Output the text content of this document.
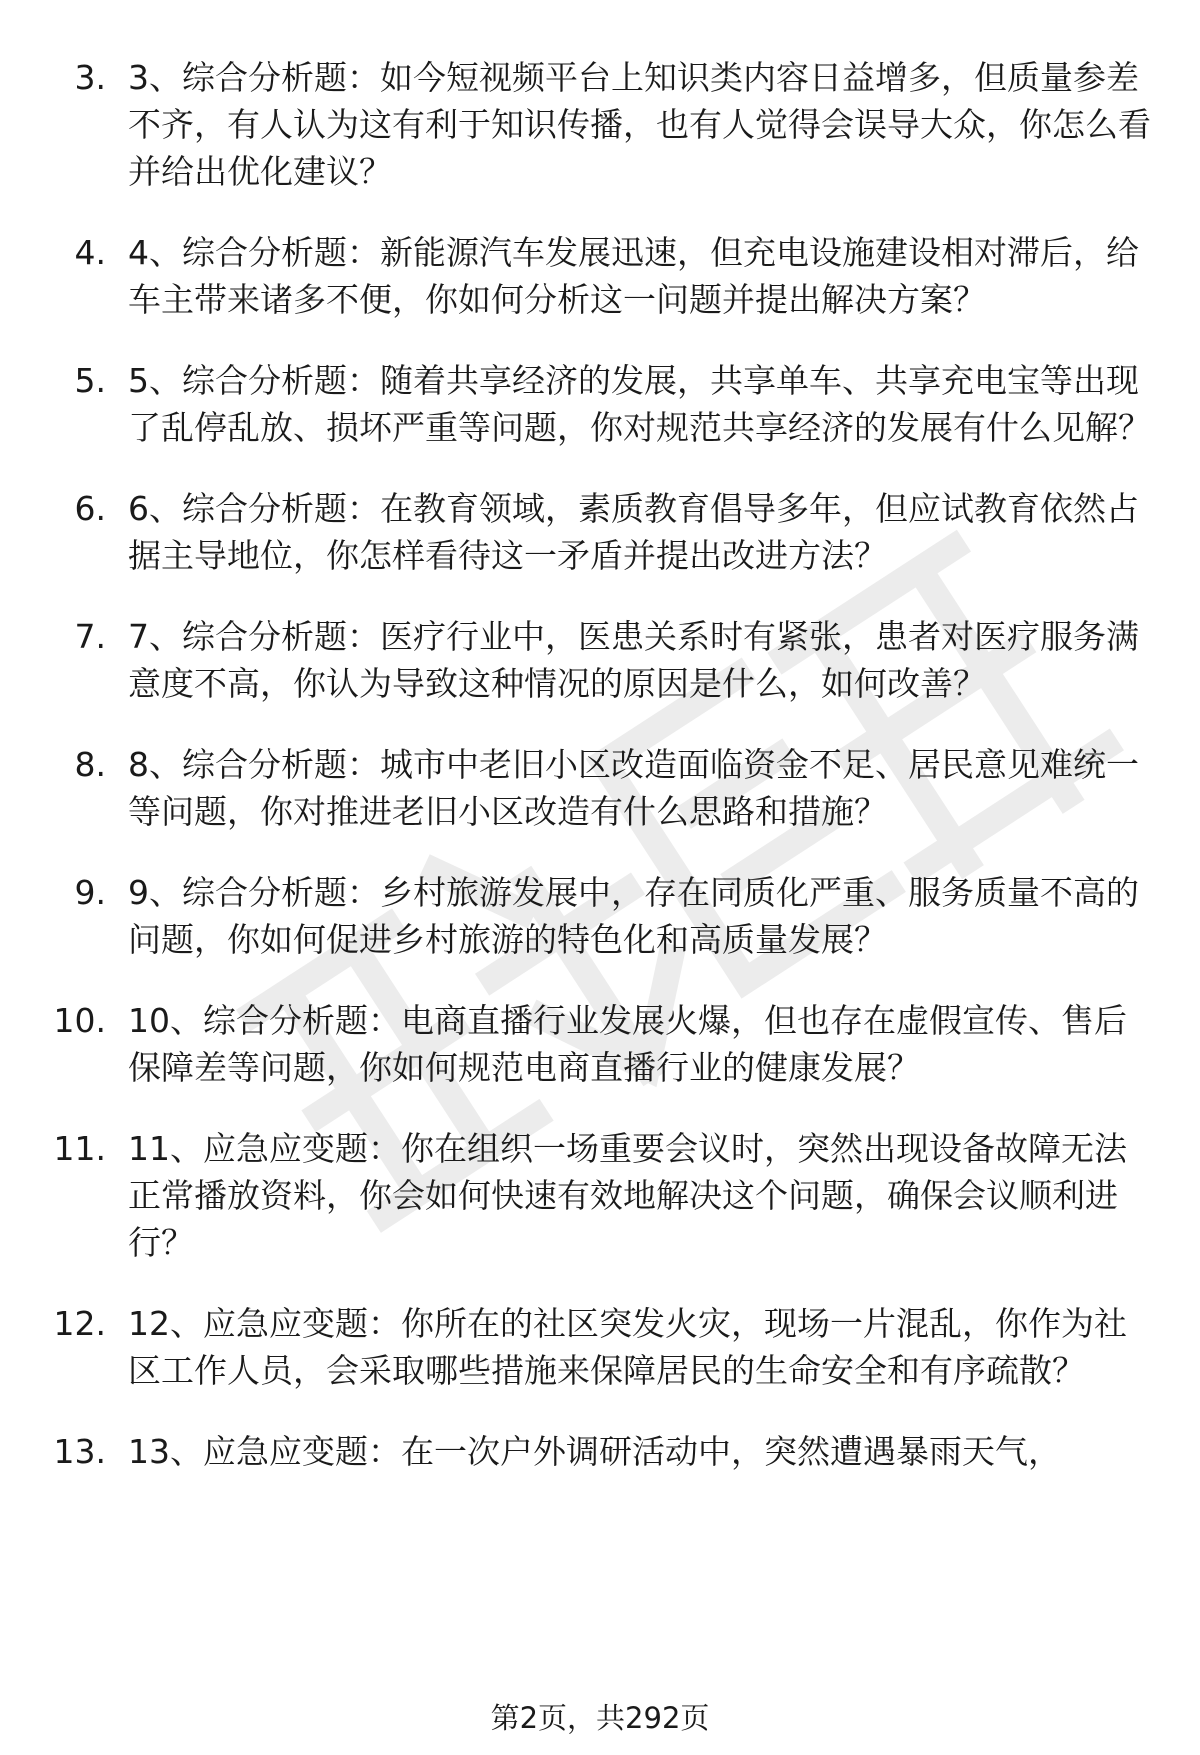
3. 3、综合分析题：如今短视频平台上知识类内容日益增多，但质量参差不齐，有人认为这有利于知识传播，也有人觉得会误导大众，你怎么看并给出优化建议？
4. 4、综合分析题：新能源汽车发展迅速，但充电设施建设相对滞后，给车主带来诸多不便，你如何分析这一问题并提出解决方案？
5. 5、综合分析题：随着共享经济的发展，共享单车、共享充电宝等出现了乱停乱放、损坏严重等问题，你对规范共享经济的发展有什么见解？
6. 6、综合分析题：在教育领域，素质教育倡导多年，但应试教育依然占据主导地位，你怎样看待这一矛盾并提出改进方法？
7. 7、综合分析题：医疗行业中，医患关系时有紧张，患者对医疗服务满意度不高，你认为导致这种情况的原因是什么，如何改善？
8. 8、综合分析题：城市中老旧小区改造面临资金不足、居民意见难统一等问题，你对推进老旧小区改造有什么思路和措施？
9. 9、综合分析题：乡村旅游发展中，存在同质化严重、服务质量不高的问题，你如何促进乡村旅游的特色化和高质量发展？
10. 10、综合分析题：电商直播行业发展火爆，但也存在虚假宣传、售后保障差等问题，你如何规范电商直播行业的健康发展？
11. 11、应急应变题：你在组织一场重要会议时，突然出现设备故障无法正常播放资料，你会如何快速有效地解决这个问题，确保会议顺利进行？
12. 12、应急应变题：你所在的社区突发火灾，现场一片混乱，你作为社区工作人员，会采取哪些措施来保障居民的生命安全和有序疏散？
13. 13、应急应变题：在一次户外调研活动中，突然遭遇暴雨天气，
第2页，共292页
